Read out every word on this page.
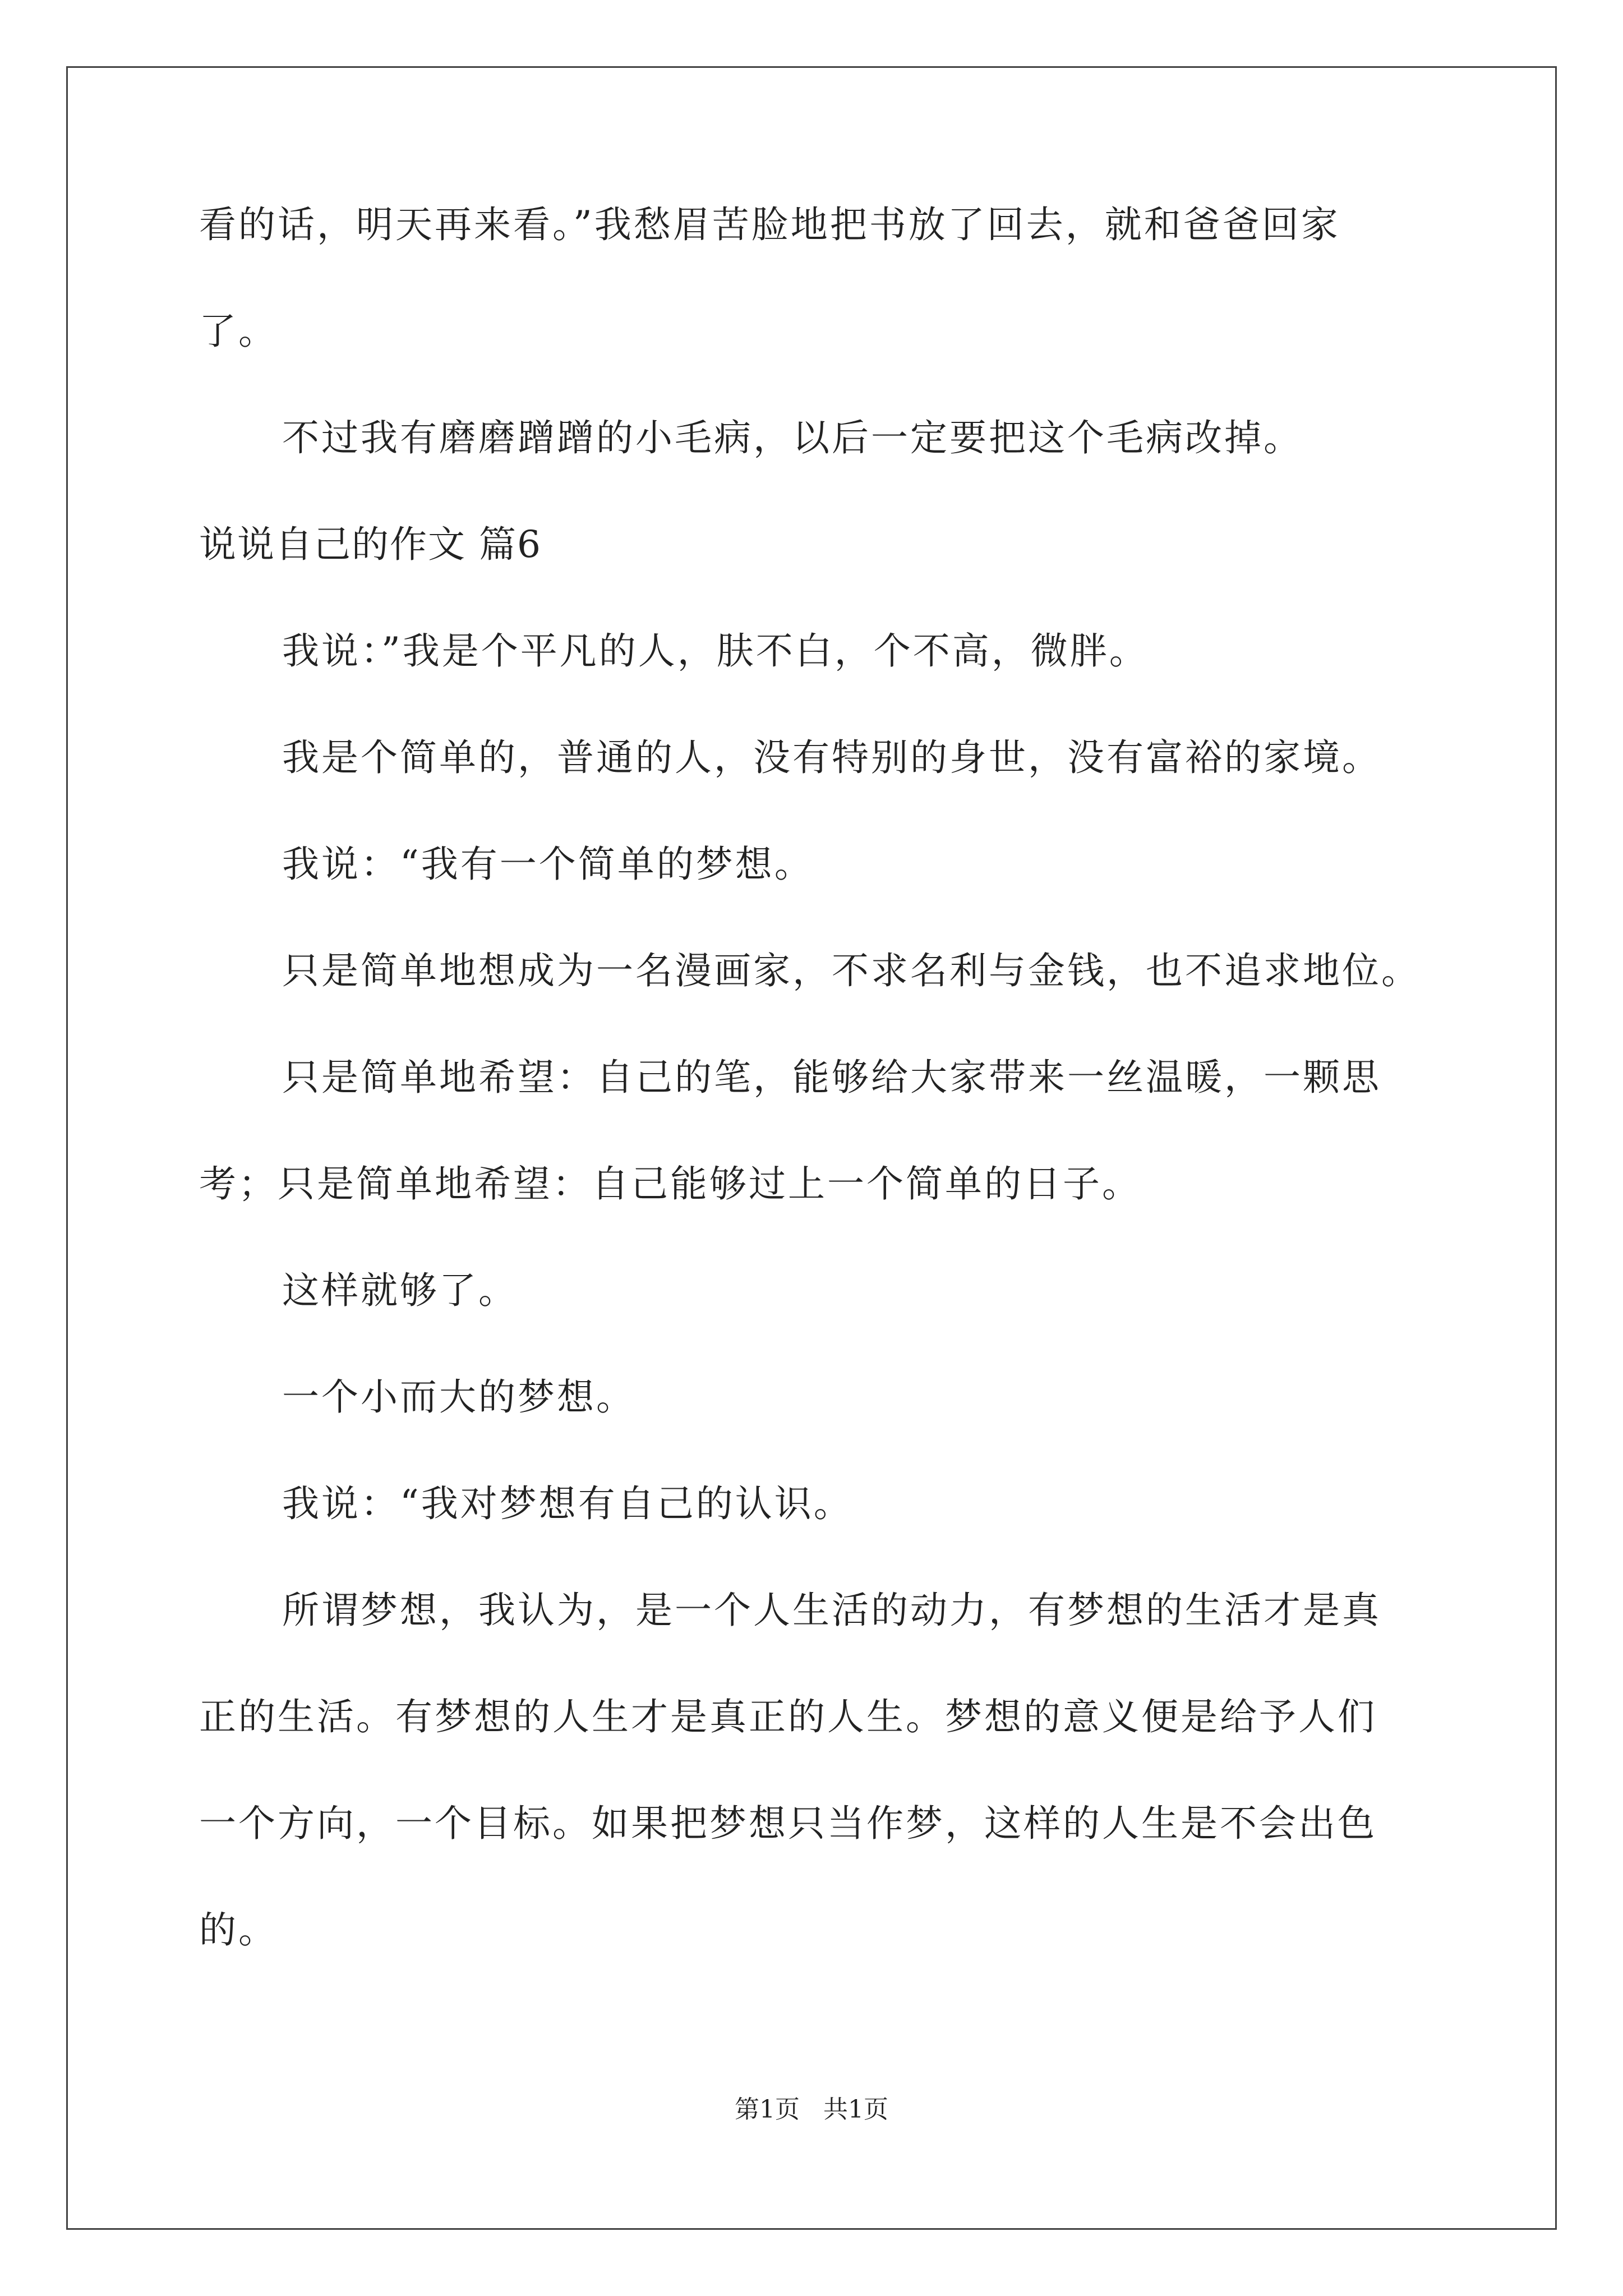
看的话，明天再来看。”我愁眉苦脸地把书放了回去，就和爸爸回家
了。
不过我有磨磨蹭蹭的小毛病，以后一定要把这个毛病改掉。
说说自己的作文 篇6
我说：”我是个平凡的人，肤不白，个不高，微胖。
我是个简单的，普通的人，没有特别的身世，没有富裕的家境。
我说：“我有一个简单的梦想。
只是简单地想成为一名漫画家，不求名利与金钱，也不追求地位。
只是简单地希望：自己的笔，能够给大家带来一丝温暖，一颗思
考；只是简单地希望：自己能够过上一个简单的日子。
这样就够了。
一个小而大的梦想。
我说：“我对梦想有自己的认识。
所谓梦想，我认为，是一个人生活的动力，有梦想的生活才是真
正的生活。有梦想的人生才是真正的人生。梦想的意义便是给予人们
一个方向，一个目标。如果把梦想只当作梦，这样的人生是不会出色
的。
第1页 共1页
